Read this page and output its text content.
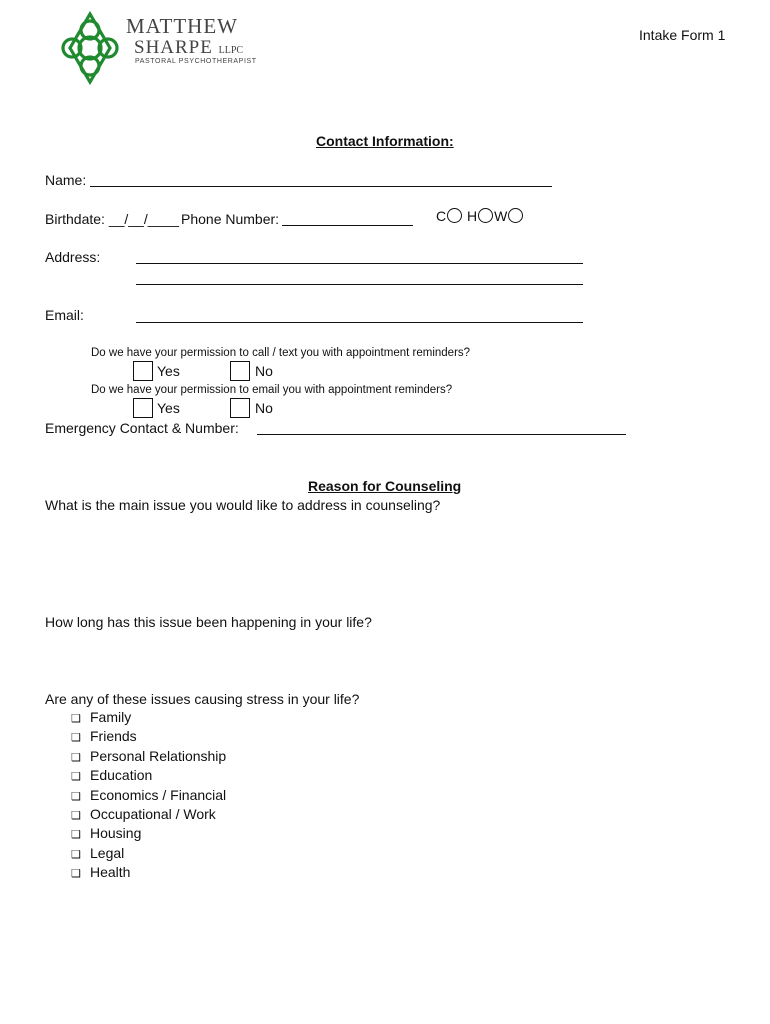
MATTHEW
SHARPE LLPC
PASTORAL PSYCHOTHERAPIST
Intake Form 1
Contact Information:
Name:
Birthdate: __/__/____ Phone Number:	C H W
Address:
Email:
Do we have your permission to call / text you with appointment reminders?
Yes	No
Do we have your permission to email you with appointment reminders?
Yes	No
Emergency Contact & Number:
Reason for Counseling
What is the main issue you would like to address in counseling?
How long has this issue been happening in your life?
Are any of these issues causing stress in your life?
❑ Family
❑ Friends
❑ Personal Relationship
❑ Education
❑ Economics / Financial
❑ Occupational / Work
❑ Housing
❑ Legal
❑ Health
